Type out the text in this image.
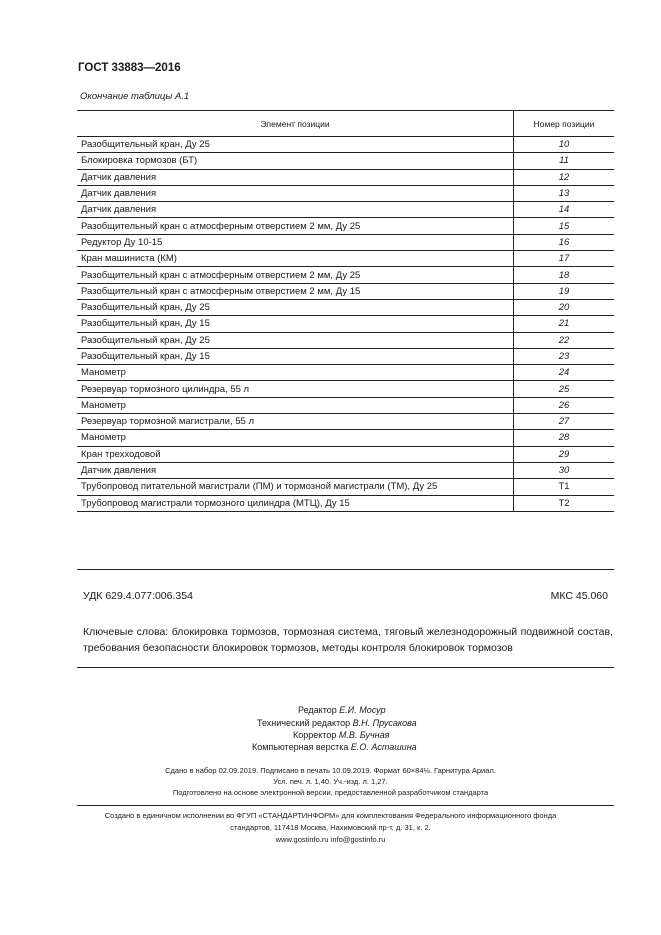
ГОСТ 33883—2016
Окончание таблицы А.1
Элемент позиции	Номер позиции
Разобщительный кран, Ду 25	10
Блокировка тормозов (БТ)	11
Датчик давления	12
Датчик давления	13
Датчик давления	14
Разобщительный кран с атмосферным отверстием 2 мм, Ду 25	15
Редуктор Ду 10-15	16
Кран машиниста (КМ)	17
Разобщительный кран с атмосферным отверстием 2 мм, Ду 25	18
Разобщительный кран с атмосферным отверстием 2 мм, Ду 15	19
Разобщительный кран, Ду 25	20
Разобщительный кран, Ду 15	21
Разобщительный кран, Ду 25	22
Разобщительный кран, Ду 15	23
Манометр	24
Резервуар тормозного цилиндра, 55 л	25
Манометр	26
Резервуар тормозной магистрали, 55 л	27
Манометр	28
Кран трехходовой	29
Датчик давления	30
Трубопровод питательной магистрали (ПМ) и тормозной магистрали (ТМ), Ду 25	Т1
Трубопровод магистрали тормозного цилиндра (МТЦ), Ду 15	Т2
УДК 629.4.077:006.354	МКС 45.060
Ключевые слова: блокировка тормозов, тормозная система, тяговый железнодорожный подвижной состав, требования безопасности блокировок тормозов, методы контроля блокировок тормозов
Редактор Е.И. Мосур
Технический редактор В.Н. Прусакова
Корректор М.В. Бучная
Компьютерная верстка Е.О. Асташина
Сдано в набор 02.09.2019. Подписано в печать 10.09.2019. Формат 60×84⅛. Гарнитура Ариал.
Усл. печ. л. 1,40. Уч.-изд. л. 1,27.
Подготовлено на основе электронной версии, предоставленной разработчиком стандарта
Создано в единичном исполнении во ФГУП «СТАНДАРТИНФОРМ» для комплектования Федерального информационного фонда
стандартов, 117418 Москва, Нахимовский пр-т, д. 31, к. 2.
www.gostinfo.ru info@gostinfo.ru
